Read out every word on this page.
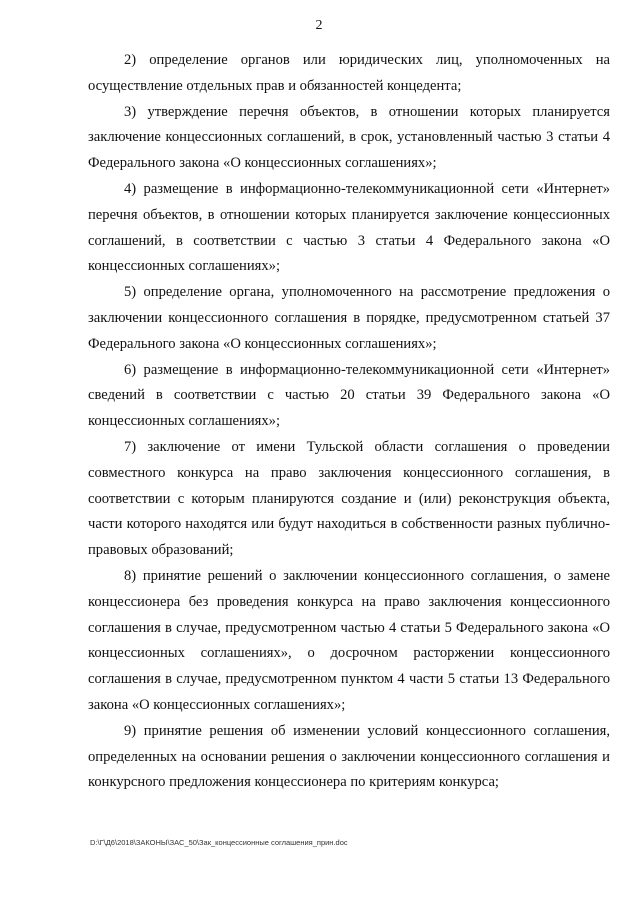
2

2) определение органов или юридических лиц, уполномоченных на осуществление отдельных прав и обязанностей концедента;

3) утверждение перечня объектов, в отношении которых планируется заключение концессионных соглашений, в срок, установленный частью 3 статьи 4 Федерального закона «О концессионных соглашениях»;

4) размещение в информационно-телекоммуникационной сети «Интернет» перечня объектов, в отношении которых планируется заключение концессионных соглашений, в соответствии с частью 3 статьи 4 Федерального закона «О концессионных соглашениях»;

5) определение органа, уполномоченного на рассмотрение предложения о заключении концессионного соглашения в порядке, предусмотренном статьей 37 Федерального закона «О концессионных соглашениях»;

6) размещение в информационно-телекоммуникационной сети «Интернет» сведений в соответствии с частью 20 статьи 39 Федерального закона «О концессионных соглашениях»;

7) заключение от имени Тульской области соглашения о проведении совместного конкурса на право заключения концессионного соглашения, в соответствии с которым планируются создание и (или) реконструкция объекта, части которого находятся или будут находиться в собственности разных публично-правовых образований;

8) принятие решений о заключении концессионного соглашения, о замене концессионера без проведения конкурса на право заключения концессионного соглашения в случае, предусмотренном частью 4 статьи 5 Федерального закона «О концессионных соглашениях», о досрочном расторжении концессионного соглашения в случае, предусмотренном пунктом 4 части 5 статьи 13 Федерального закона «О концессионных соглашениях»;

9) принятие решения об изменении условий концессионного соглашения, определенных на основании решения о заключении концессионного соглашения и конкурсного предложения концессионера по критериям конкурса;

D:\Г\Д6\2018\ЗАКОНЫ\ЗАС_50\Зак_концессионные соглашения_прин.doc
